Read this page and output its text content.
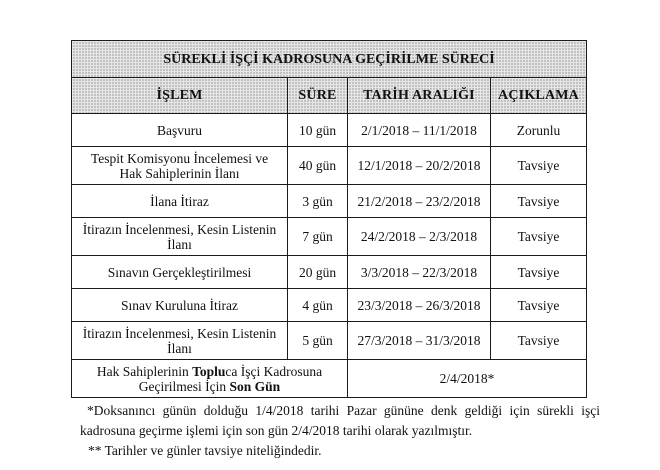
SÜREKLİ İŞÇİ KADROSUNA GEÇİRİLME SÜRECİ			
İŞLEM	SÜRE	TARİH ARALIĞI	AÇIKLAMA

Başvuru	10 gün	2/1/2018 – 11/1/2018	Zorunlu

Tespit Komisyonu İncelemesi ve
Hak Sahiplerinin İlanı	40 gün	12/1/2018 – 20/2/2018	Tavsiye

İlana İtiraz	3 gün	21/2/2018 – 23/2/2018	Tavsiye

İtirazın İncelenmesi, Kesin Listenin
İlanı	7 gün	24/2/2018 – 2/3/2018	Tavsiye

Sınavın Gerçekleştirilmesi	20 gün	3/3/2018 – 22/3/2018	Tavsiye

Sınav Kuruluna İtiraz	4 gün	23/3/2018 – 26/3/2018	Tavsiye

İtirazın İncelenmesi, Kesin Listenin
İlanı	5 gün	27/3/2018 – 31/3/2018	Tavsiye

Hak Sahiplerinin Topluca İşçi Kadrosuna
Geçirilmesi İçin Son Gün		2/4/2018*	
*Doksanıncı günün dolduğu 1/4/2018 tarihi Pazar gününe denk geldiği için sürekli işçi kadrosuna geçirme işlemi için son gün 2/4/2018 tarihi olarak yazılmıştır.
** Tarihler ve günler tavsiye niteliğindedir.
